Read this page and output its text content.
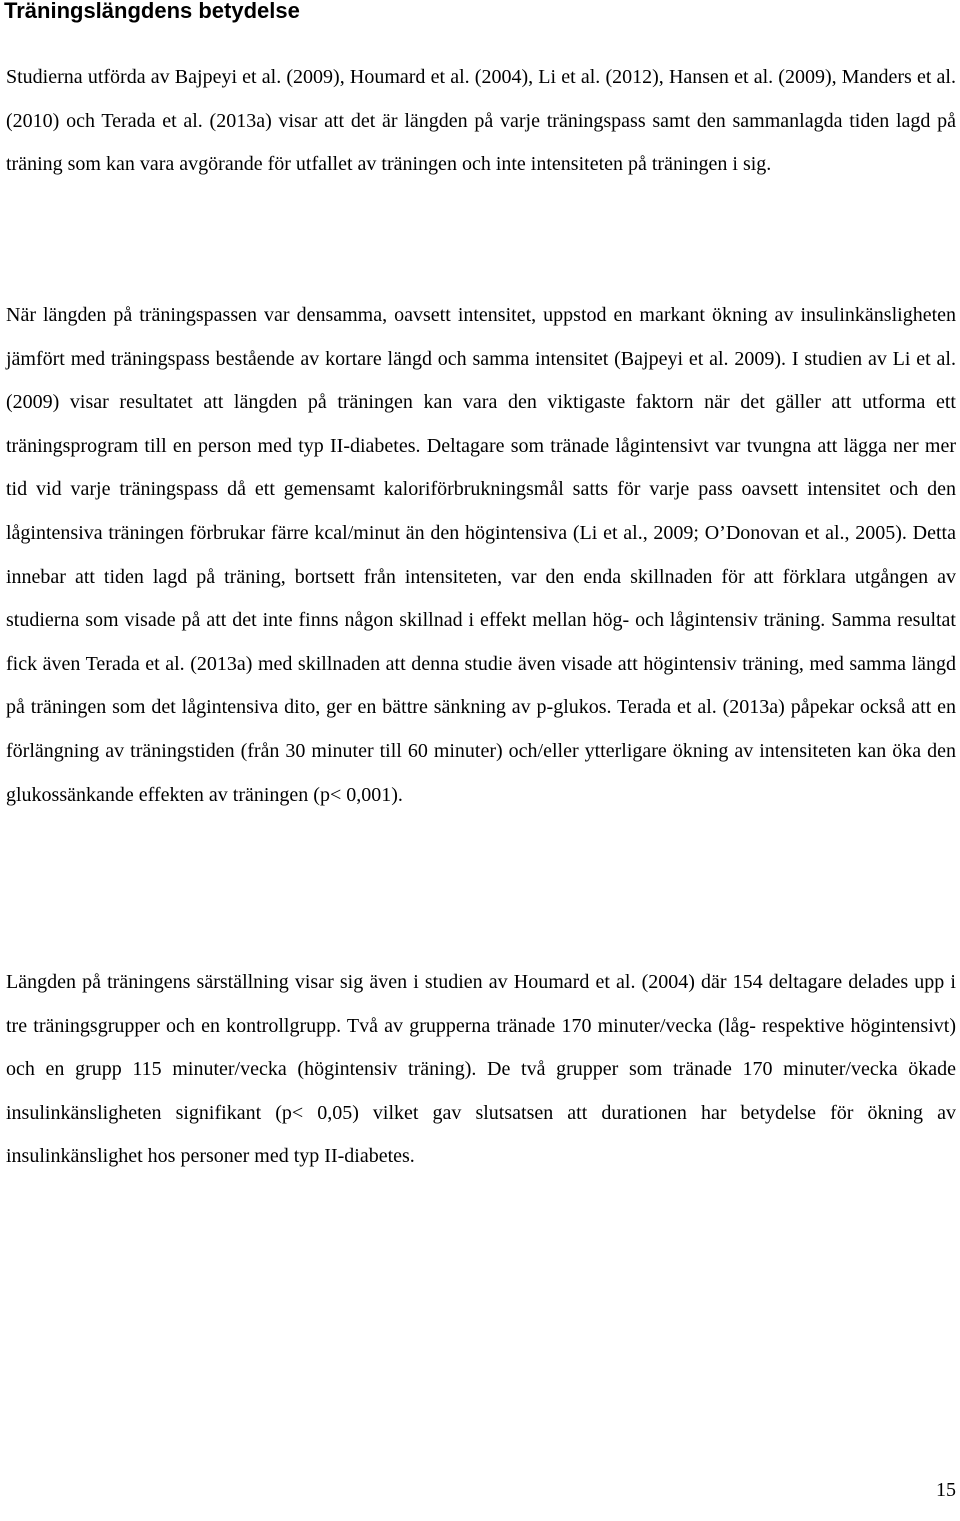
Träningslängdens betydelse

Studierna utförda av Bajpeyi et al. (2009), Houmard et al. (2004), Li et al. (2012), Hansen et al. (2009), Manders et al. (2010) och Terada et al. (2013a) visar att det är längden på varje träningspass samt den sammanlagda tiden lagd på träning som kan vara avgörande för utfallet av träningen och inte intensiteten på träningen i sig.

När längden på träningspassen var densamma, oavsett intensitet, uppstod en markant ökning av insulinkänsligheten jämfört med träningspass bestående av kortare längd och samma intensitet (Bajpeyi et al. 2009). I studien av Li et al. (2009) visar resultatet att längden på träningen kan vara den viktigaste faktorn när det gäller att utforma ett träningsprogram till en person med typ II-diabetes. Deltagare som tränade lågintensivt var tvungna att lägga ner mer tid vid varje träningspass då ett gemensamt kaloriförbrukningsmål satts för varje pass oavsett intensitet och den lågintensiva träningen förbrukar färre kcal/minut än den högintensiva (Li et al., 2009; O’Donovan et al., 2005). Detta innebar att tiden lagd på träning, bortsett från intensiteten, var den enda skillnaden för att förklara utgången av studierna som visade på att det inte finns någon skillnad i effekt mellan hög- och lågintensiv träning. Samma resultat fick även Terada et al. (2013a) med skillnaden att denna studie även visade att högintensiv träning, med samma längd på träningen som det lågintensiva dito, ger en bättre sänkning av p-glukos. Terada et al. (2013a) påpekar också att en förlängning av träningstiden (från 30 minuter till 60 minuter) och/eller ytterligare ökning av intensiteten kan öka den glukossänkande effekten av träningen (p< 0,001).

Längden på träningens särställning visar sig även i studien av Houmard et al. (2004) där 154 deltagare delades upp i tre träningsgrupper och en kontrollgrupp. Två av grupperna tränade 170 minuter/vecka (låg- respektive högintensivt) och en grupp 115 minuter/vecka (högintensiv träning). De två grupper som tränade 170 minuter/vecka ökade insulinkänsligheten signifikant (p< 0,05) vilket gav slutsatsen att durationen har betydelse för ökning av insulinkänslighet hos personer med typ II-diabetes.

15
